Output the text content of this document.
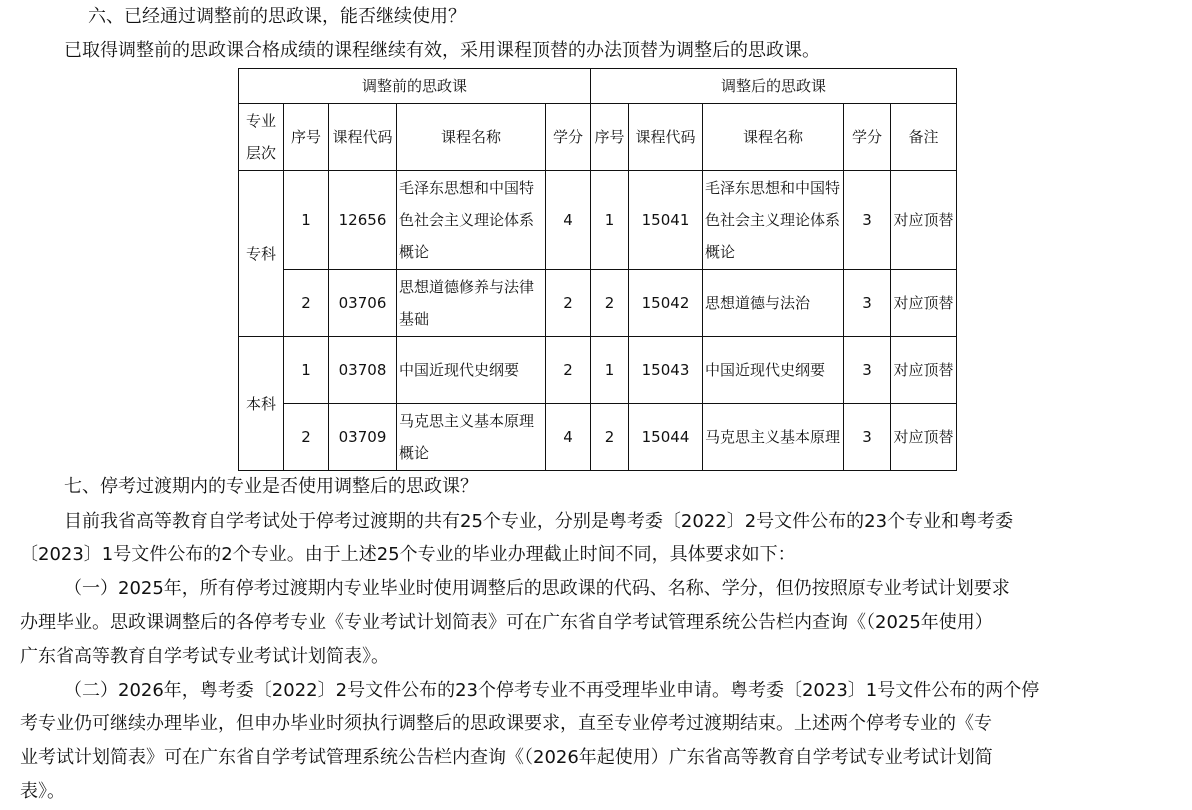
六、已经通过调整前的思政课，能否继续使用？
已取得调整前的思政课合格成绩的课程继续有效，采用课程顶替的办法顶替为调整后的思政课。
调整前的思政课					调整后的思政课				
专业层次	序号	课程代码	课程名称	学分	序号	课程代码	课程名称	学分	备注
专科	1	12656	毛泽东思想和中国特色社会主义理论体系概论	4	1	15041	毛泽东思想和中国特色社会主义理论体系概论	3	对应顶替
	2	03706	思想道德修养与法律基础	2	2	15042	思想道德与法治	3	对应顶替
本科	1	03708	中国近现代史纲要	2	1	15043	中国近现代史纲要	3	对应顶替
	2	03709	马克思主义基本原理概论	4	2	15044	马克思主义基本原理	3	对应顶替
七、停考过渡期内的专业是否使用调整后的思政课？
目前我省高等教育自学考试处于停考过渡期的共有25个专业，分别是粤考委〔2022〕2号文件公布的23个专业和粤考委
〔2023〕1号文件公布的2个专业。由于上述25个专业的毕业办理截止时间不同，具体要求如下：
（一）2025年，所有停考过渡期内专业毕业时使用调整后的思政课的代码、名称、学分，但仍按照原专业考试计划要求
办理毕业。思政课调整后的各停考专业《专业考试计划简表》可在广东省自学考试管理系统公告栏内查询《（2025年使用）
广东省高等教育自学考试专业考试计划简表》。
（二）2026年，粤考委〔2022〕2号文件公布的23个停考专业不再受理毕业申请。粤考委〔2023〕1号文件公布的两个停
考专业仍可继续办理毕业，但申办毕业时须执行调整后的思政课要求，直至专业停考过渡期结束。上述两个停考专业的《专
业考试计划简表》可在广东省自学考试管理系统公告栏内查询《（2026年起使用）广东省高等教育自学考试专业考试计划简
表》。
